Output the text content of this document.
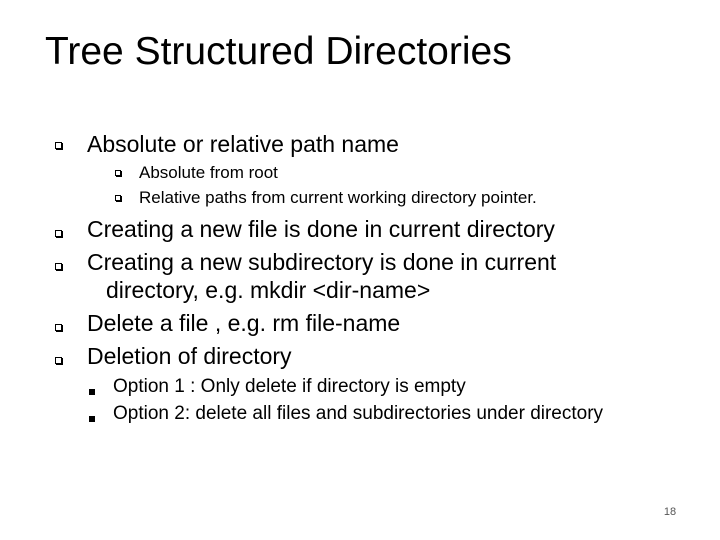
Tree Structured Directories
Absolute or relative path name
Absolute from root
Relative paths from current working directory pointer.
Creating a new file is done in current directory
Creating a new subdirectory is done in current
directory, e.g. mkdir <dir-name>
Delete a file , e.g. rm file-name
Deletion of directory
Option 1 : Only delete if directory is empty
Option 2: delete all files and subdirectories under directory
18
